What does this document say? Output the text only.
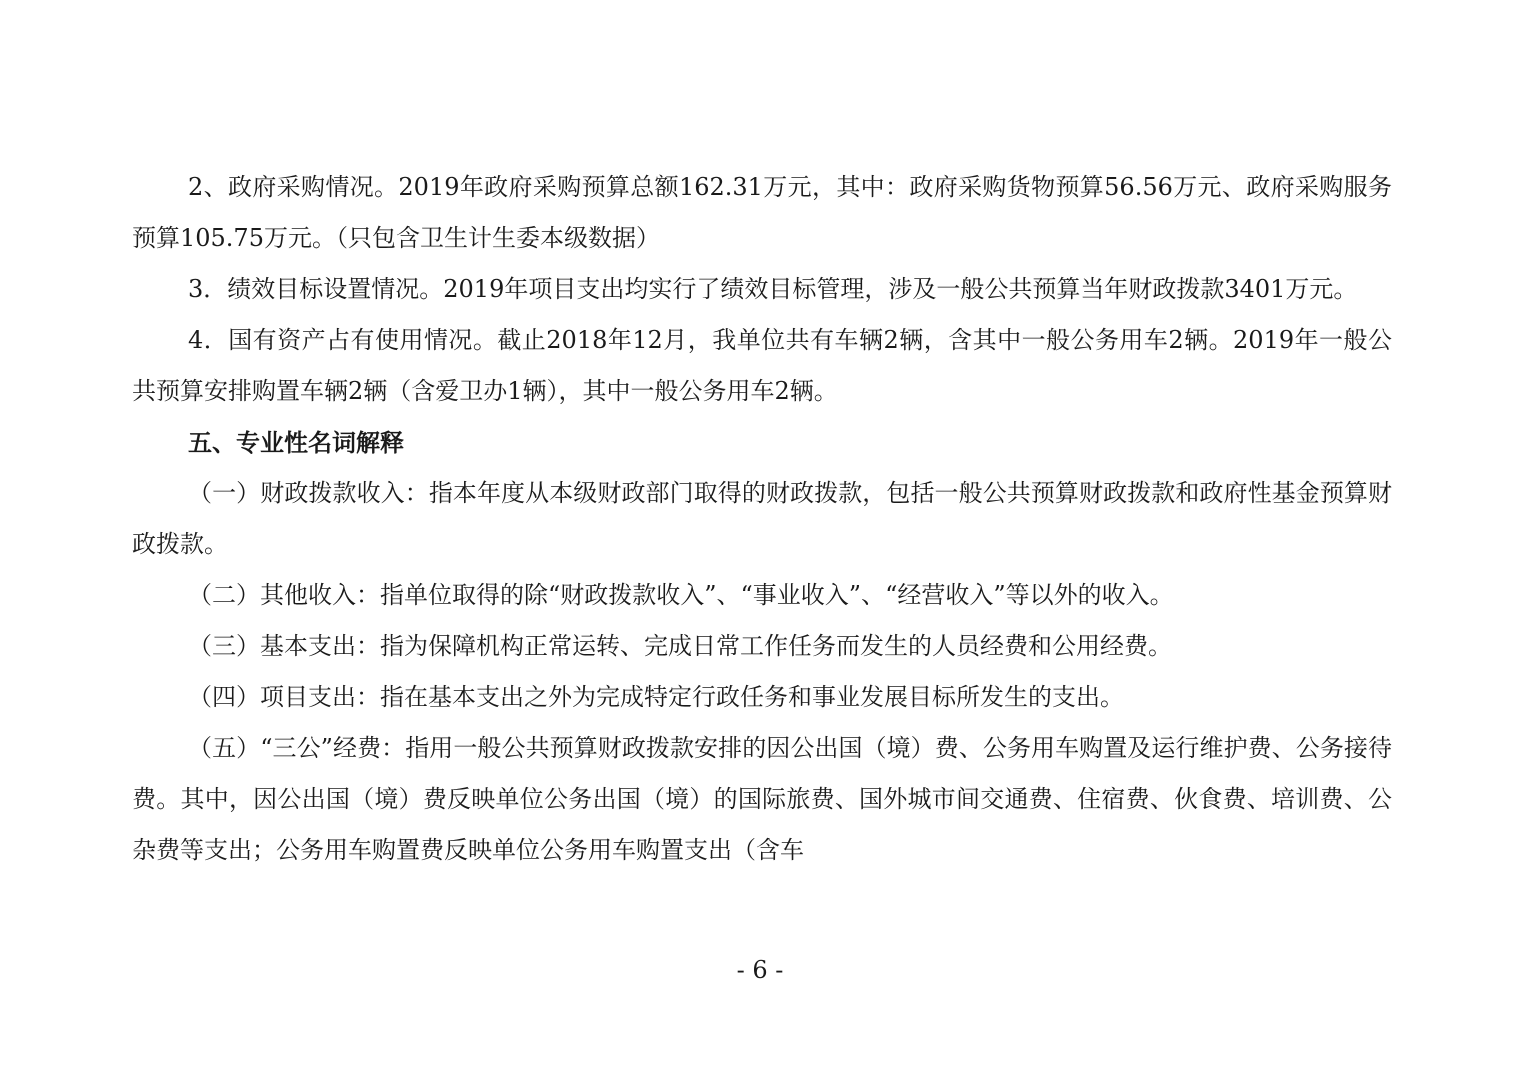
2、政府采购情况。2019年政府采购预算总额162.31万元，其中：政府采购货物预算56.56万元、政府采购服务预算105.75万元。（只包含卫生计生委本级数据）

3．绩效目标设置情况。2019年项目支出均实行了绩效目标管理，涉及一般公共预算当年财政拨款3401万元。

4．国有资产占有使用情况。截止2018年12月，我单位共有车辆2辆，含其中一般公务用车2辆。2019年一般公共预算安排购置车辆2辆（含爱卫办1辆），其中一般公务用车2辆。

五、专业性名词解释

（一）财政拨款收入：指本年度从本级财政部门取得的财政拨款，包括一般公共预算财政拨款和政府性基金预算财政拨款。

（二）其他收入：指单位取得的除“财政拨款收入”、“事业收入”、“经营收入”等以外的收入。

（三）基本支出：指为保障机构正常运转、完成日常工作任务而发生的人员经费和公用经费。

（四）项目支出：指在基本支出之外为完成特定行政任务和事业发展目标所发生的支出。

（五）“三公”经费：指用一般公共预算财政拨款安排的因公出国（境）费、公务用车购置及运行维护费、公务接待费。其中，因公出国（境）费反映单位公务出国（境）的国际旅费、国外城市间交通费、住宿费、伙食费、培训费、公杂费等支出；公务用车购置费反映单位公务用车购置支出（含车

- 6 -
